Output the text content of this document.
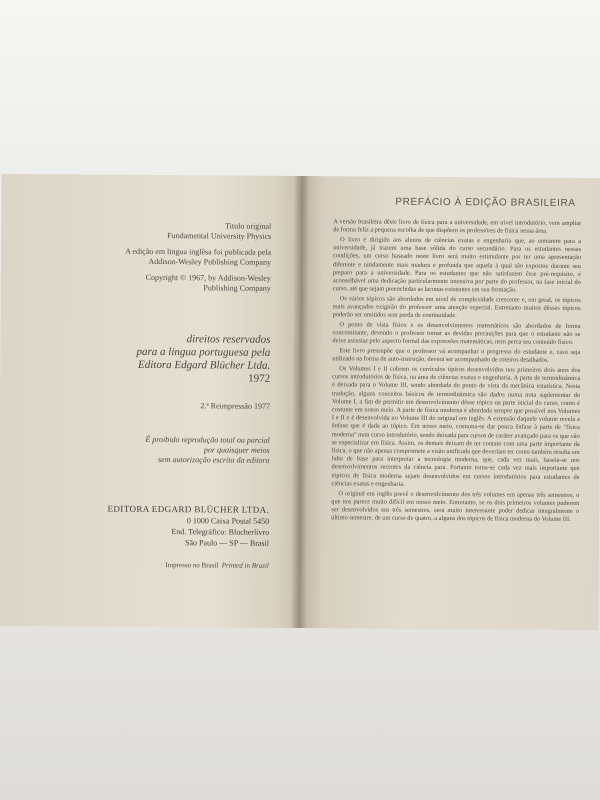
Titulo original
Fundamental University Physics
A edição em lingua inglêsa foi publicada pela
Addison-Wesley Publishing Company
Copyright © 1967, by Addison-Wesley
Publishing Company
direitos reservados
para a lingua portuguesa pela
Editora Edgard Blücher Ltda.
1972
2.ª Reimpressão 1977
É proibido reprodução total ou parcial
por quaisquer meios
sem autorização escrita da editora
EDITORA EDGARD BLÜCHER LTDA.
0 1000 Caixa Postal 5450
End. Telegráfico: Blucherlivro
São Paulo — SP — Brasil
Impresso no Brasil Printed in Brazil
PREFÁCIO À EDIÇÃO BRASILEIRA

A versão brasileira dêste livro de física para a universidade, em nível introdutório, vem ampliar de forma feliz a pequena escolha de que dispõem os professôres de física nessa área.

O livro é dirigido aos alunos de ciências exatas e engenharia que, ao entrarem para a universidade, já trazem uma base sólida do curso secundário. Para os estudantes nessas condições, um curso baseado neste livro será muito estimulante por ter uma apresentação diferente e nitidamente mais madura e profunda que aquela à qual são expostos durante seu preparo para a universidade. Para os estudantes que não satisfazem êsse pré-requisito, é aconselhável uma dedicação particularmente intensiva por parte do professor, na fase inicial do curso, até que sejam preenchidas as lacunas existentes em sua formação.

Os vários tópicos são abordados em nível de complexidade crescente e, em geral, os tópicos mais avançados exigirão do professor uma atenção especial. Entretanto muitos dêsses tópicos poderão ser omitidos sem perda de continuidade.

O ponto de vista físico e os desenvolvimentos matemáticos são abordados de forma concomitante, devendo o professor tomar as devidas precauções para que o estudante não se deixe assustar pelo aspecto formal das expressões matemáticas, nem perca seu conteúdo físico.

Este livro pressupõe que o professor vá acompanhar o progresso do estudante e, caso seja utilizado na forma de auto-instrução, deverá ser acompanhado de roteiros detalhados.

Os Volumes I e II cobrem os currículos típicos desenvolvidos nos primeiros dois anos dos cursos introdutórios de física, na área de ciências exatas e engenharia. A parte de termodinâmica é deixada para o Volume III, sendo abordada do ponto de vista da mecânica estatística. Nesta tradução, alguns conceitos básicos de termodinâmica são dados numa nota suplementar do Volume I, a fim de permitir um desenvolvimento dêsse tópico na parte inicial do curso, como é costume em nosso meio. A parte de física moderna é abordada sempre que possível nos Volumes I e II e é desenvolvida no Volume III do original em inglês. A extensão daquele volume revela a ênfase que é dada ao tópico. Em nosso meio, costuma-se dar pouca ênfase à parte de "física moderna" num curso introdutório, sendo deixada para cursos de caráter avançado para os que vão se especializar em física. Assim, os demais deixam de ter contato com uma parte importante da física, o que não apenas compromete a visão unificada que deveriam ter como também resulta em falta de base para interpretar a tecnologia moderna, que, cada vez mais, baseia-se nos desenvolvimentos recentes da ciência para. Portanto torna-se cada vez mais importante que tópicos de física moderna sejam desenvolvidos em cursos introdutórios para estudantes de ciências exatas e engenharia.

O original em inglês prevê o desenvolvimento dos três volumes em apenas três semestres, o que nos parece muito difícil em nosso meio. Entretanto, se os dois primeiros volumes puderem ser desenvolvidos em três semestres, será muito interessante poder dedicar integralmente o último semestre, de um curso de quatro, a alguns dos tópicos de física moderna do Volume III.
